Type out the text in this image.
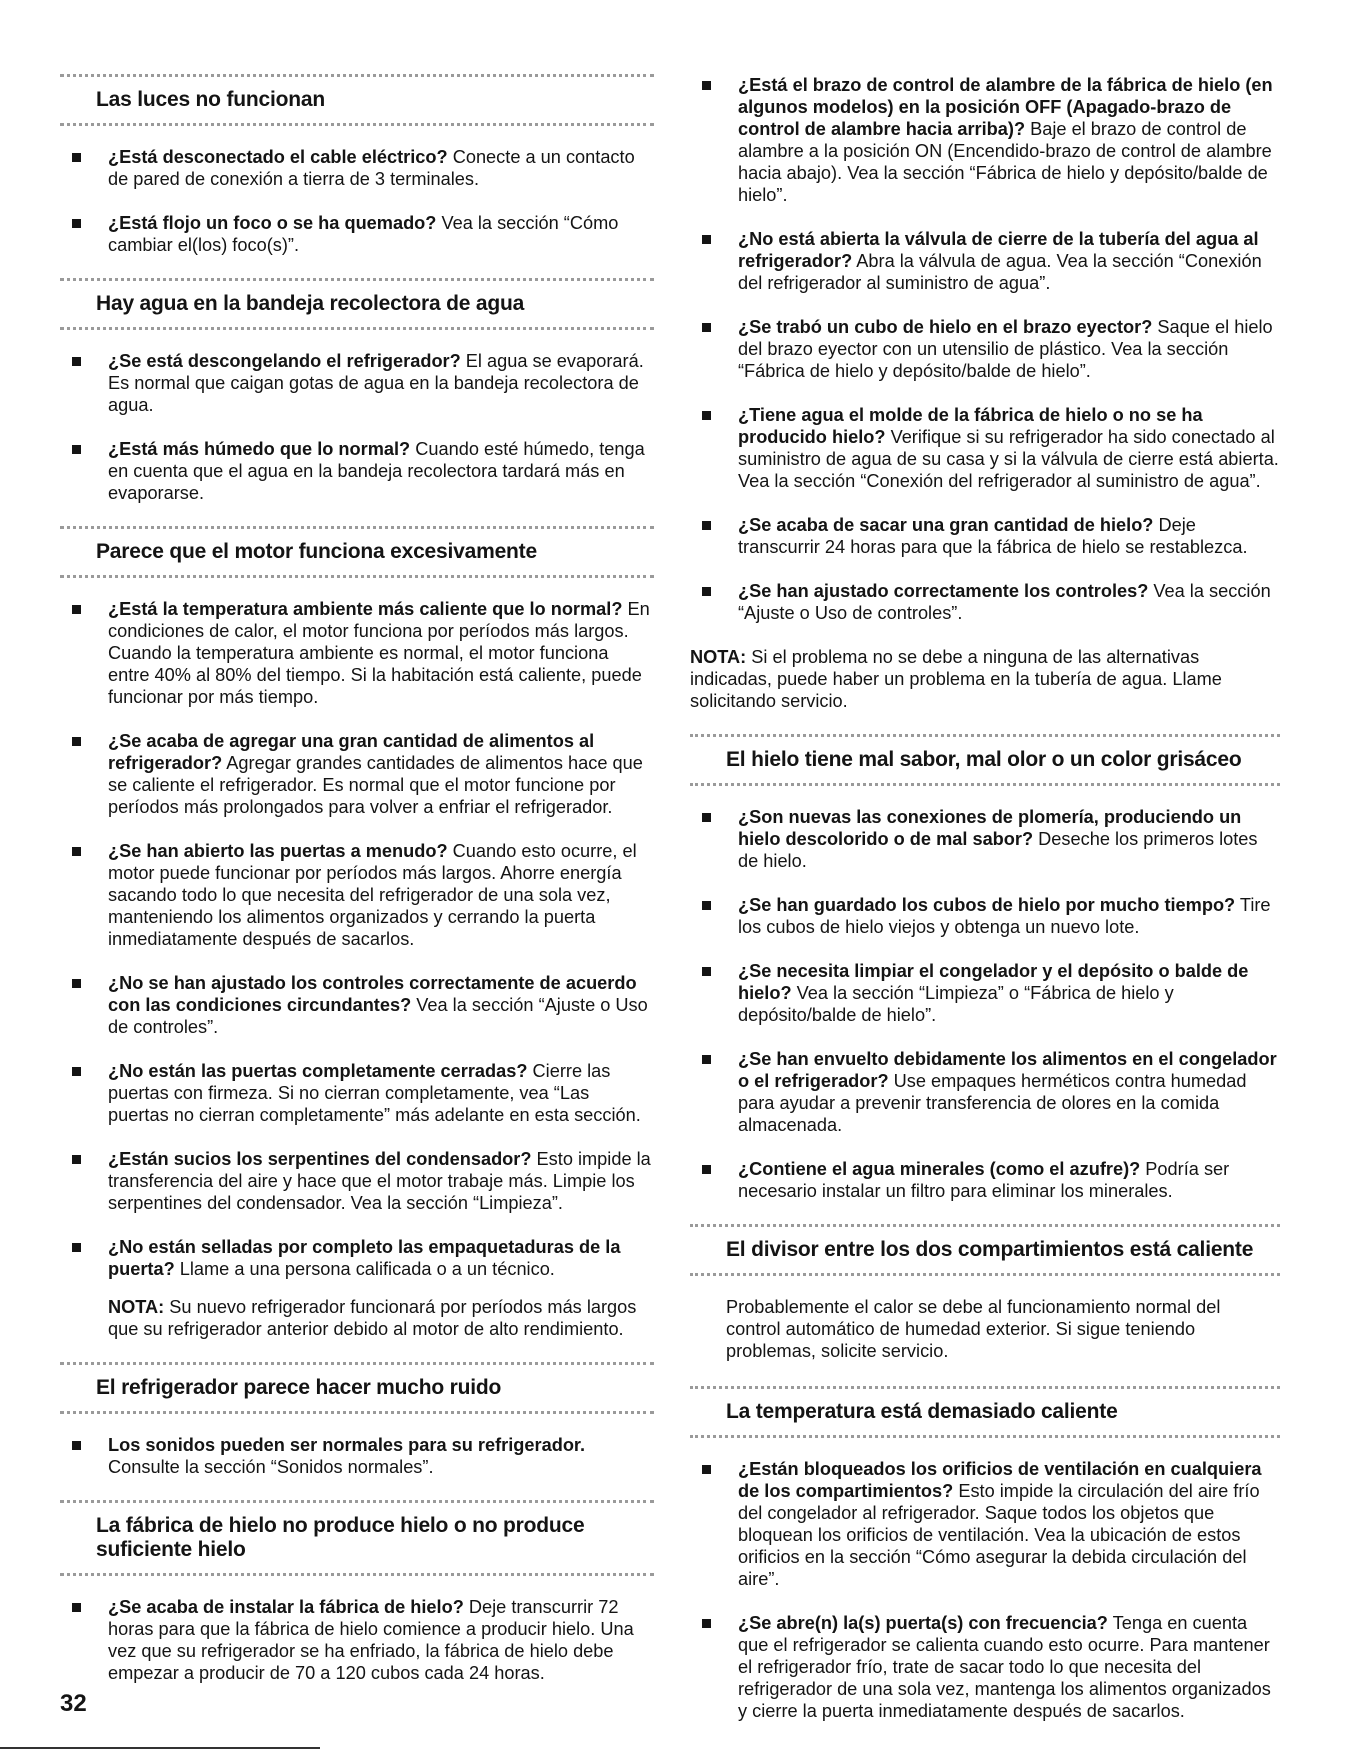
Las luces no funcionan
¿Está desconectado el cable eléctrico? Conecte a un contacto de pared de conexión a tierra de 3 terminales.
¿Está flojo un foco o se ha quemado? Vea la sección “Cómo cambiar el(los) foco(s)”.
Hay agua en la bandeja recolectora de agua
¿Se está descongelando el refrigerador? El agua se evaporará. Es normal que caigan gotas de agua en la bandeja recolectora de agua.
¿Está más húmedo que lo normal? Cuando esté húmedo, tenga en cuenta que el agua en la bandeja recolectora tardará más en evaporarse.
Parece que el motor funciona excesivamente
¿Está la temperatura ambiente más caliente que lo normal? En condiciones de calor, el motor funciona por períodos más largos. Cuando la temperatura ambiente es normal, el motor funciona entre 40% al 80% del tiempo. Si la habitación está caliente, puede funcionar por más tiempo.
¿Se acaba de agregar una gran cantidad de alimentos al refrigerador? Agregar grandes cantidades de alimentos hace que se caliente el refrigerador. Es normal que el motor funcione por períodos más prolongados para volver a enfriar el refrigerador.
¿Se han abierto las puertas a menudo? Cuando esto ocurre, el motor puede funcionar por períodos más largos. Ahorre energía sacando todo lo que necesita del refrigerador de una sola vez, manteniendo los alimentos organizados y cerrando la puerta inmediatamente después de sacarlos.
¿No se han ajustado los controles correctamente de acuerdo con las condiciones circundantes? Vea la sección “Ajuste o Uso de controles”.
¿No están las puertas completamente cerradas? Cierre las puertas con firmeza. Si no cierran completamente, vea “Las puertas no cierran completamente” más adelante en esta sección.
¿Están sucios los serpentines del condensador? Esto impide la transferencia del aire y hace que el motor trabaje más. Limpie los serpentines del condensador. Vea la sección “Limpieza”.
¿No están selladas por completo las empaquetaduras de la puerta? Llame a una persona calificada o a un técnico.
NOTA: Su nuevo refrigerador funcionará por períodos más largos que su refrigerador anterior debido al motor de alto rendimiento.
El refrigerador parece hacer mucho ruido
Los sonidos pueden ser normales para su refrigerador. Consulte la sección “Sonidos normales”.
La fábrica de hielo no produce hielo o no produce suficiente hielo
¿Se acaba de instalar la fábrica de hielo? Deje transcurrir 72 horas para que la fábrica de hielo comience a producir hielo. Una vez que su refrigerador se ha enfriado, la fábrica de hielo debe empezar a producir de 70 a 120 cubos cada 24 horas.
¿Está el brazo de control de alambre de la fábrica de hielo (en algunos modelos) en la posición OFF (Apagado-brazo de control de alambre hacia arriba)? Baje el brazo de control de alambre a la posición ON (Encendido-brazo de control de alambre hacia abajo). Vea la sección “Fábrica de hielo y depósito/balde de hielo”.
¿No está abierta la válvula de cierre de la tubería del agua al refrigerador? Abra la válvula de agua. Vea la sección “Conexión del refrigerador al suministro de agua”.
¿Se trabó un cubo de hielo en el brazo eyector? Saque el hielo del brazo eyector con un utensilio de plástico. Vea la sección “Fábrica de hielo y depósito/balde de hielo”.
¿Tiene agua el molde de la fábrica de hielo o no se ha producido hielo? Verifique si su refrigerador ha sido conectado al suministro de agua de su casa y si la válvula de cierre está abierta. Vea la sección “Conexión del refrigerador al suministro de agua”.
¿Se acaba de sacar una gran cantidad de hielo? Deje transcurrir 24 horas para que la fábrica de hielo se restablezca.
¿Se han ajustado correctamente los controles? Vea la sección “Ajuste o Uso de controles”.
NOTA: Si el problema no se debe a ninguna de las alternativas indicadas, puede haber un problema en la tubería de agua. Llame solicitando servicio.
El hielo tiene mal sabor, mal olor o un color grisáceo
¿Son nuevas las conexiones de plomería, produciendo un hielo descolorido o de mal sabor? Deseche los primeros lotes de hielo.
¿Se han guardado los cubos de hielo por mucho tiempo? Tire los cubos de hielo viejos y obtenga un nuevo lote.
¿Se necesita limpiar el congelador y el depósito o balde de hielo? Vea la sección “Limpieza” o “Fábrica de hielo y depósito/balde de hielo”.
¿Se han envuelto debidamente los alimentos en el congelador o el refrigerador? Use empaques herméticos contra humedad para ayudar a prevenir transferencia de olores en la comida almacenada.
¿Contiene el agua minerales (como el azufre)? Podría ser necesario instalar un filtro para eliminar los minerales.
El divisor entre los dos compartimientos está caliente
Probablemente el calor se debe al funcionamiento normal del control automático de humedad exterior. Si sigue teniendo problemas, solicite servicio.
La temperatura está demasiado caliente
¿Están bloqueados los orificios de ventilación en cualquiera de los compartimientos? Esto impide la circulación del aire frío del congelador al refrigerador. Saque todos los objetos que bloquean los orificios de ventilación. Vea la ubicación de estos orificios en la sección “Cómo asegurar la debida circulación del aire”.
¿Se abre(n) la(s) puerta(s) con frecuencia? Tenga en cuenta que el refrigerador se calienta cuando esto ocurre. Para mantener el refrigerador frío, trate de sacar todo lo que necesita del refrigerador de una sola vez, mantenga los alimentos organizados y cierre la puerta inmediatamente después de sacarlos.
32
